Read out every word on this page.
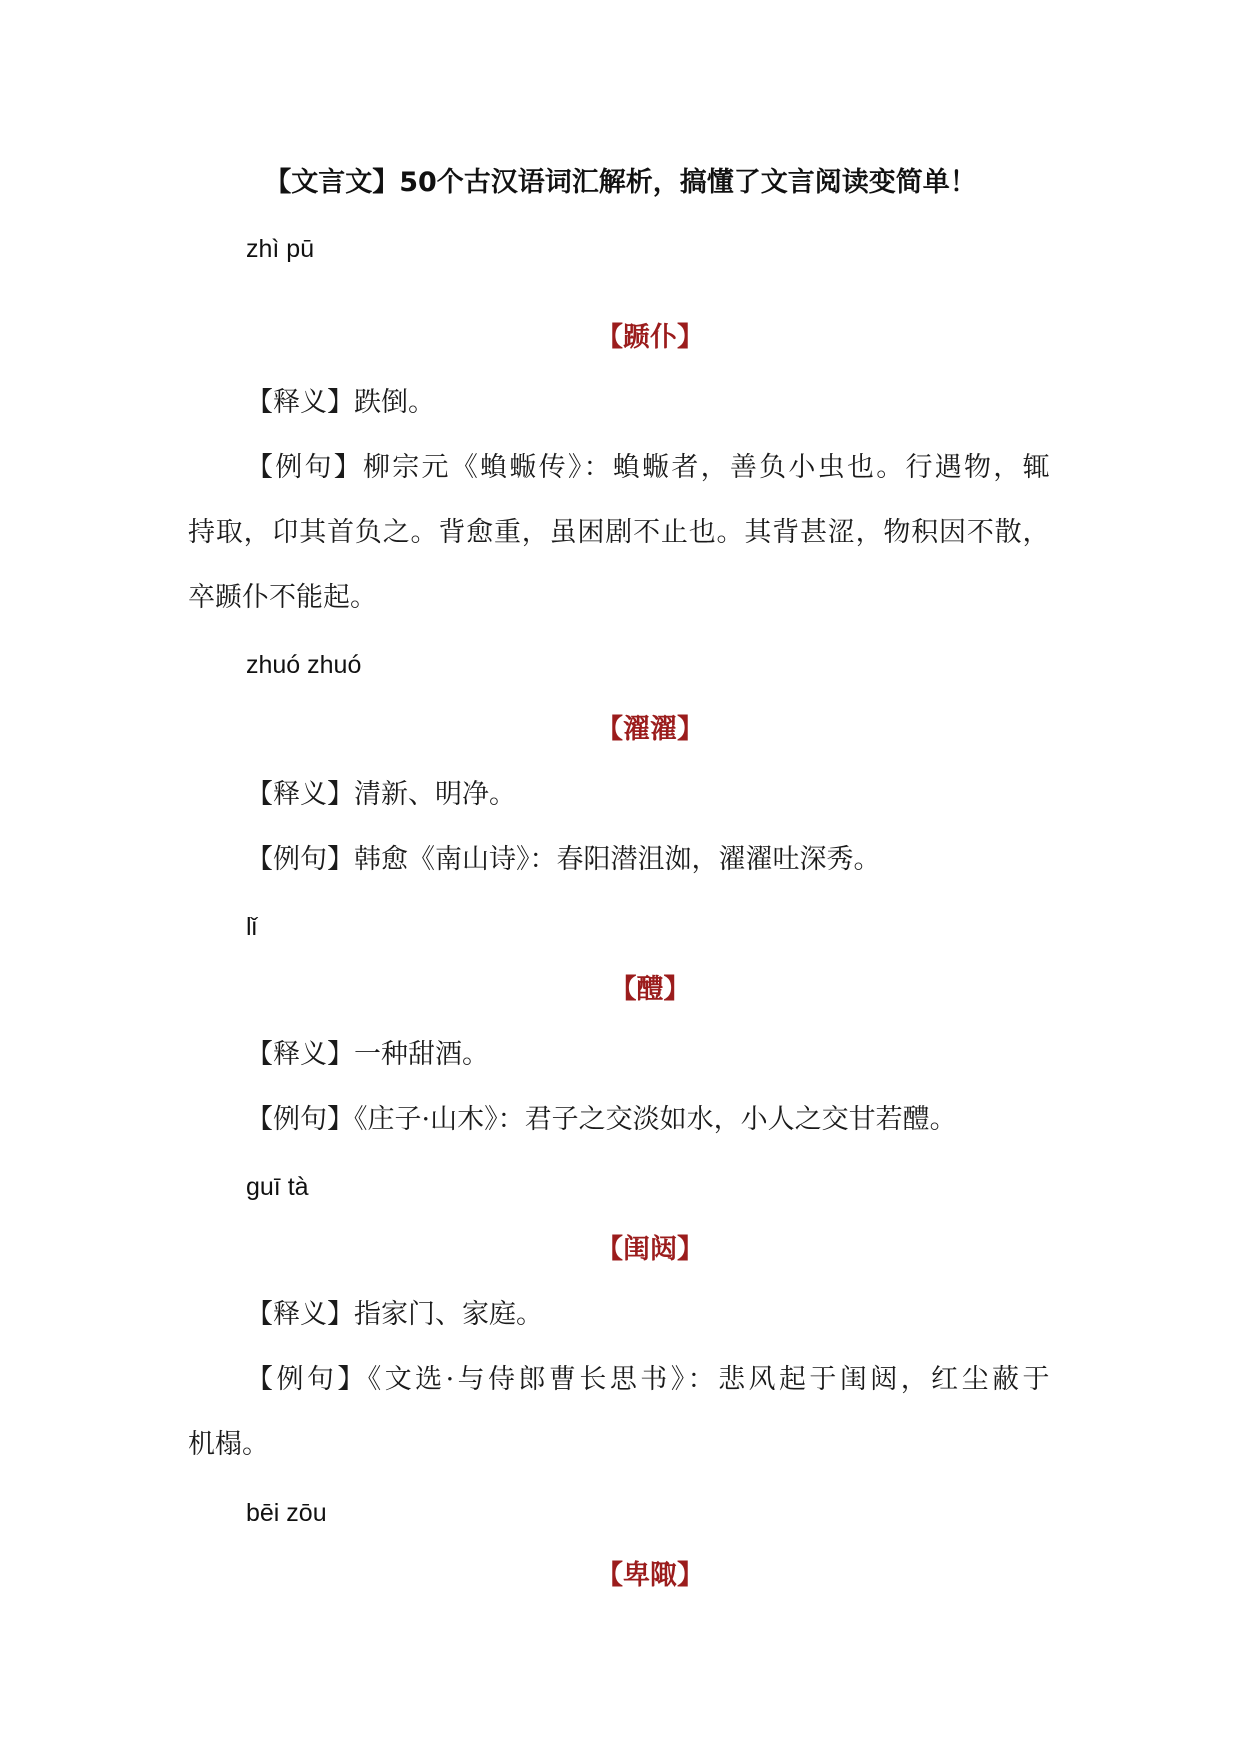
【文言文】50个古汉语词汇解析，搞懂了文言阅读变简单！
zhì pū
【踬仆】
【释义】跌倒。
【例句】柳宗元《蝜蝂传》：蝜蝂者，善负小虫也。行遇物，辄
持取，卬其首负之。背愈重，虽困剧不止也。其背甚涩，物积因不散，
卒踬仆不能起。
zhuó zhuó
【濯濯】
【释义】清新、明净。
【例句】韩愈《南山诗》：春阳潜沮洳，濯濯吐深秀。
lǐ
【醴】
【释义】一种甜酒。
【例句】《庄子·山木》：君子之交淡如水，小人之交甘若醴。
guī tà
【闺闼】
【释义】指家门、家庭。
【例句】《文选·与侍郎曹长思书》：悲风起于闺闼，红尘蔽于
机榻。
bēi zōu
【卑陬】
